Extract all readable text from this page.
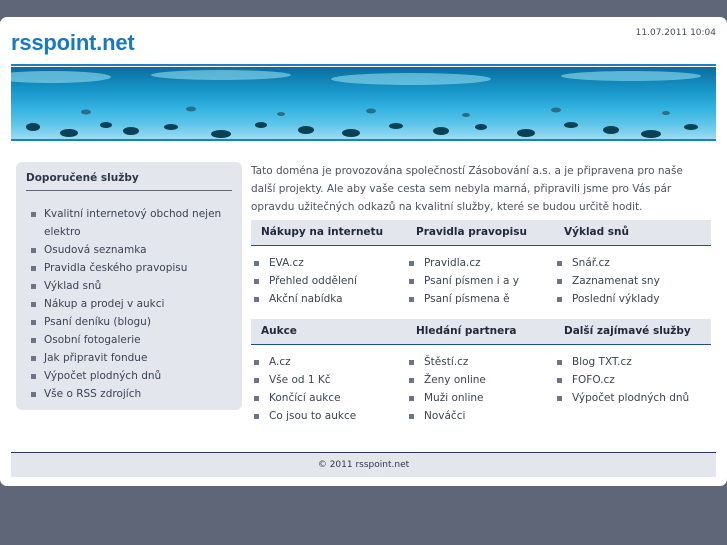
rsspoint.net	11.07.2011 10:04
Doporučené služby
Kvalitní internetový obchod nejen elektro
Osudová seznamka
Pravidla českého pravopisu
Výklad snů
Nákup a prodej v aukci
Psaní deníku (blogu)
Osobní fotogalerie
Jak připravit fondue
Výpočet plodných dnů
Vše o RSS zdrojích
Tato doména je provozována společností Zásobování a.s. a je připravena pro naše další projekty. Ale aby vaše cesta sem nebyla marná, připravili jsme pro Vás pár opravdu užitečných odkazů na kvalitní služby, které se budou určitě hodit.
Nákupy na internetu
EVA.cz
Přehled oddělení
Akční nabídka
Pravidla pravopisu
Pravidla.cz
Psaní písmen i a y
Psaní písmena ě
Výklad snů
Snář.cz
Zaznamenat sny
Poslední výklady
Aukce
A.cz
Vše od 1 Kč
Končící aukce
Co jsou to aukce
Hledání partnera
Štěstí.cz
Ženy online
Muži online
Nováčci
Další zajímavé služby
Blog TXT.cz
FOFO.cz
Výpočet plodných dnů
© 2011 rsspoint.net
